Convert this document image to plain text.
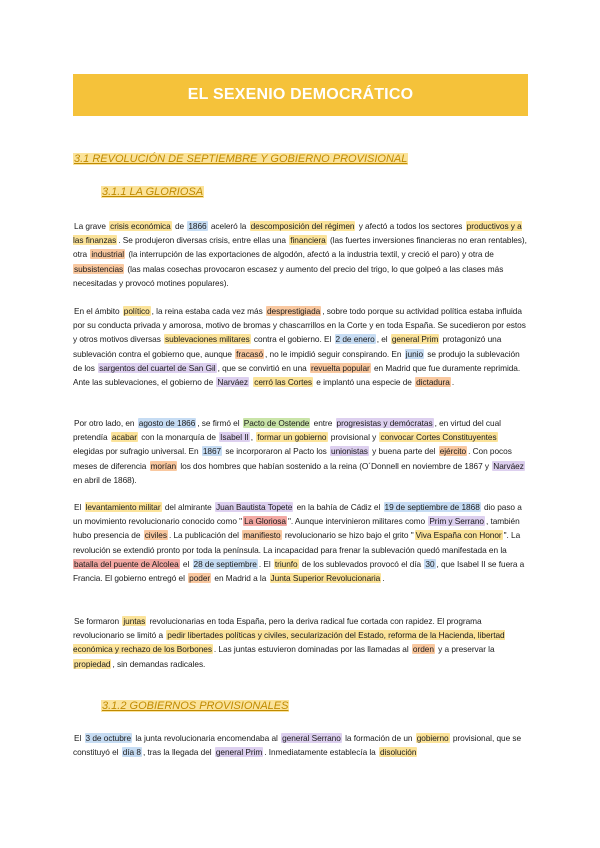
EL SEXENIO DEMOCRÁTICO
3.1 REVOLUCIÓN DE SEPTIEMBRE Y GOBIERNO PROVISIONAL
3.1.1 LA GLORIOSA

La grave crisis económica de 1866 aceleró la descomposición del régimen y afectó a todos los sectores productivos y a las finanzas . Se produjeron diversas crisis, entre ellas una financiera (las fuertes inversiones financieras no eran rentables), otra industrial (la interrupción de las exportaciones de algodón, afectó a la industria textil, y creció el paro) y otra de subsistencias (las malas cosechas provocaron escasez y aumento del precio del trigo, lo que golpeó a las clases más necesitadas y provocó motines populares).

En el ámbito político , la reina estaba cada vez más desprestigiada , sobre todo porque su actividad política estaba influida por su conducta privada y amorosa, motivo de bromas y chascarrillos en la Corte y en toda España. Se sucedieron por estos y otros motivos diversas sublevaciones militares contra el gobierno. El 2 de enero , el general Prim protagonizó una sublevación contra el gobierno que, aunque fracasó , no le impidió seguir conspirando. En junio se produjo la sublevación de los sargentos del cuartel de San Gil , que se convirtió en una revuelta popular en Madrid que fue duramente reprimida. Ante las sublevaciones, el gobierno de Narváez cerró las Cortes e implantó una especie de dictadura .

Por otro lado, en agosto de 1866 , se firmó el Pacto de Ostende entre progresistas y demócratas , en virtud del cual pretendía acabar con la monarquía de Isabel II , formar un gobierno provisional y convocar Cortes Constituyentes elegidas por sufragio universal. En 1867 se incorporaron al Pacto los unionistas y buena parte del ejército . Con pocos meses de diferencia morían los dos hombres que habían sostenido a la reina (O´Donnell en noviembre de 1867 y Narváez en abril de 1868).

El levantamiento militar del almirante Juan Bautista Topete en la bahía de Cádiz el 19 de septiembre de 1868 dio paso a un movimiento revolucionario conocido como " La Gloriosa ". Aunque intervinieron militares como Prim y Serrano , también hubo presencia de civiles . La publicación del manifiesto revolucionario se hizo bajo el grito " Viva España con Honor ". La revolución se extendió pronto por toda la península. La incapacidad para frenar la sublevación quedó manifestada en la batalla del puente de Alcolea el 28 de septiembre . El triunfo de los sublevados provocó el día 30 , que Isabel II se fuera a Francia. El gobierno entregó el poder en Madrid a la Junta Superior Revolucionaria .

Se formaron juntas revolucionarias en toda España, pero la deriva radical fue cortada con rapidez. El programa revolucionario se limitó a pedir libertades políticas y civiles, secularización del Estado, reforma de la Hacienda, libertad económica y rechazo de los Borbones . Las juntas estuvieron dominadas por las llamadas al orden y a preservar la propiedad , sin demandas radicales.

3.1.2 GOBIERNOS PROVISIONALES

El 3 de octubre la junta revolucionaria encomendaba al general Serrano la formación de un gobierno provisional, que se constituyó el día 8 , tras la llegada del general Prim . Inmediatamente establecía la disolución
